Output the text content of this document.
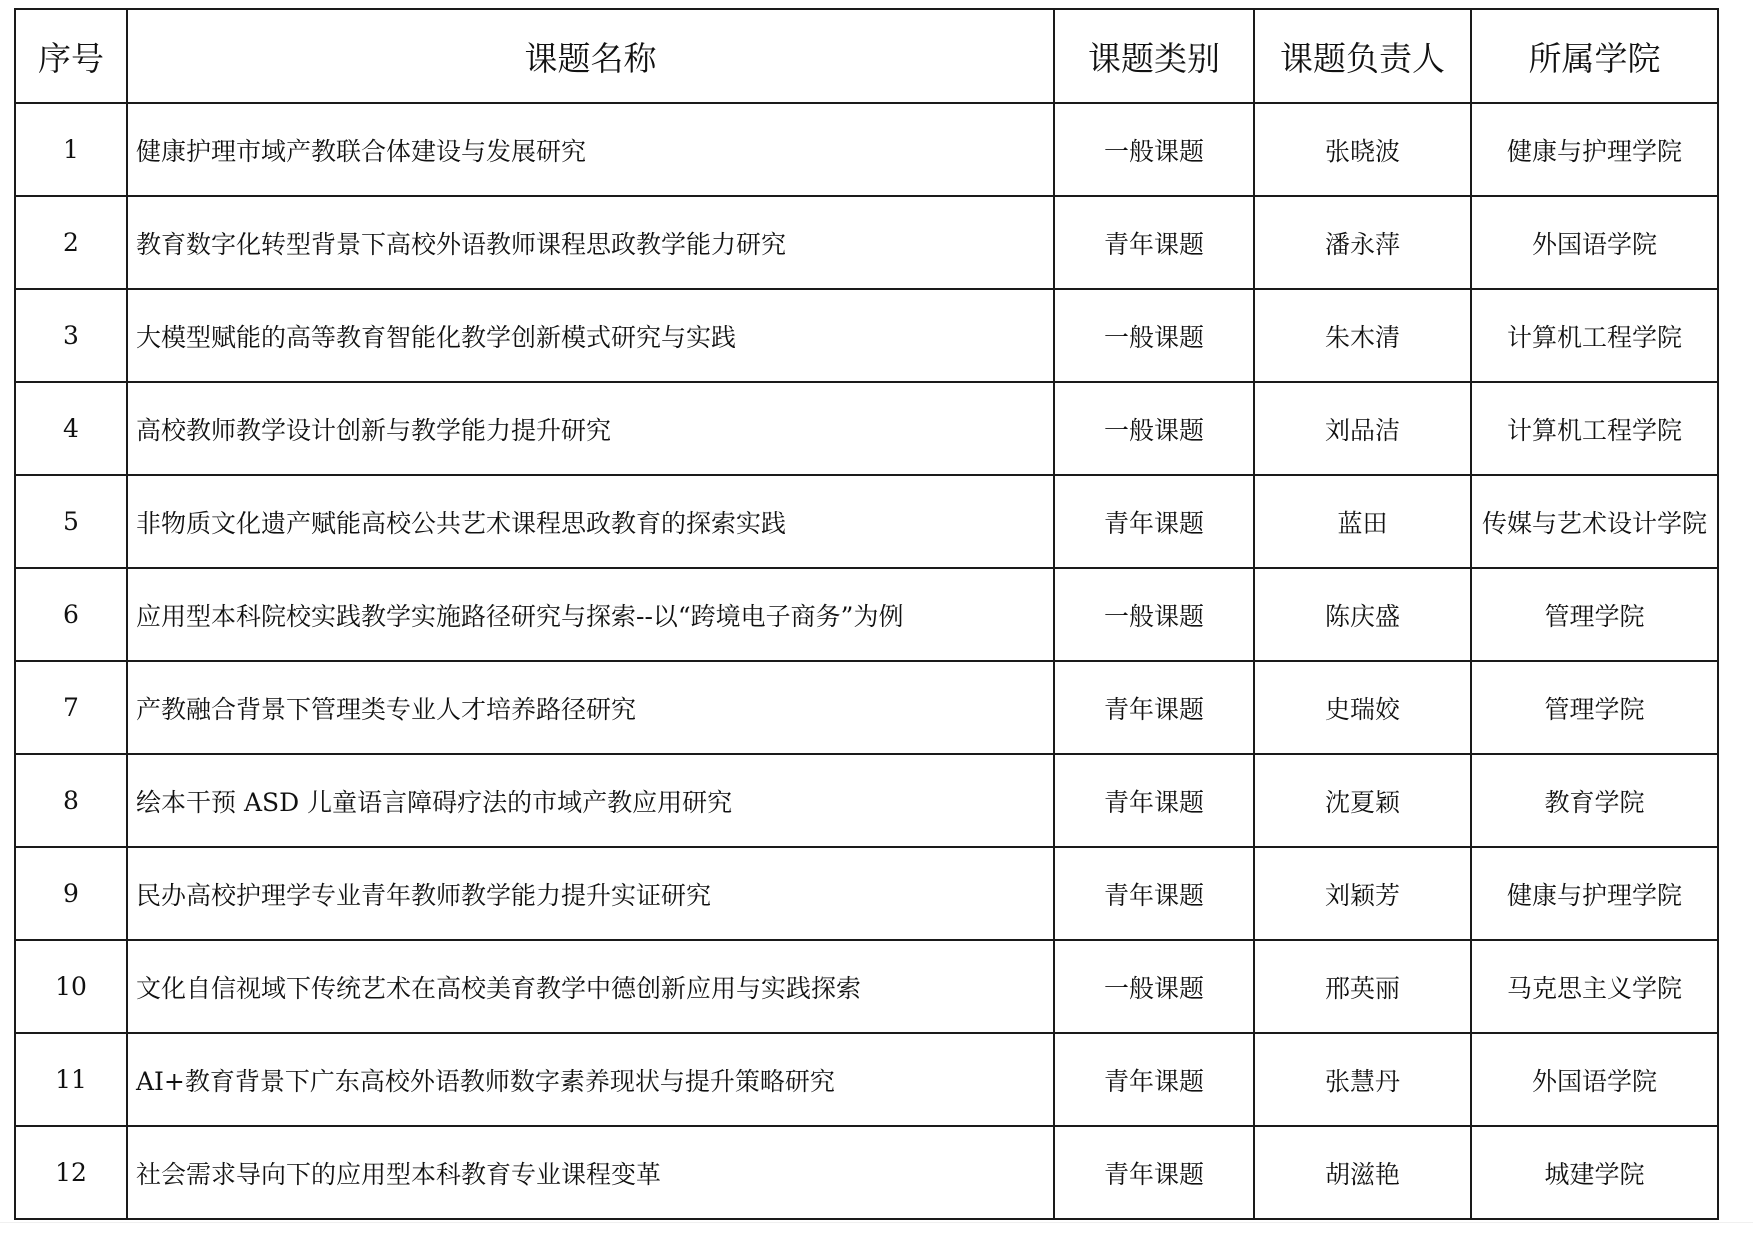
序号	课题名称	课题类别	课题负责人	所属学院
1	健康护理市域产教联合体建设与发展研究	一般课题	张晓波	健康与护理学院
2	教育数字化转型背景下高校外语教师课程思政教学能力研究	青年课题	潘永萍	外国语学院
3	大模型赋能的高等教育智能化教学创新模式研究与实践	一般课题	朱木清	计算机工程学院
4	高校教师教学设计创新与教学能力提升研究	一般课题	刘品洁	计算机工程学院
5	非物质文化遗产赋能高校公共艺术课程思政教育的探索实践	青年课题	蓝田	传媒与艺术设计学院
6	应用型本科院校实践教学实施路径研究与探索--以“跨境电子商务”为例	一般课题	陈庆盛	管理学院
7	产教融合背景下管理类专业人才培养路径研究	青年课题	史瑞姣	管理学院
8	绘本干预 ASD 儿童语言障碍疗法的市域产教应用研究	青年课题	沈夏颖	教育学院
9	民办高校护理学专业青年教师教学能力提升实证研究	青年课题	刘颖芳	健康与护理学院
10	文化自信视域下传统艺术在高校美育教学中德创新应用与实践探索	一般课题	邢英丽	马克思主义学院
11	AI+教育背景下广东高校外语教师数字素养现状与提升策略研究	青年课题	张慧丹	外国语学院
12	社会需求导向下的应用型本科教育专业课程变革	青年课题	胡滋艳	城建学院
